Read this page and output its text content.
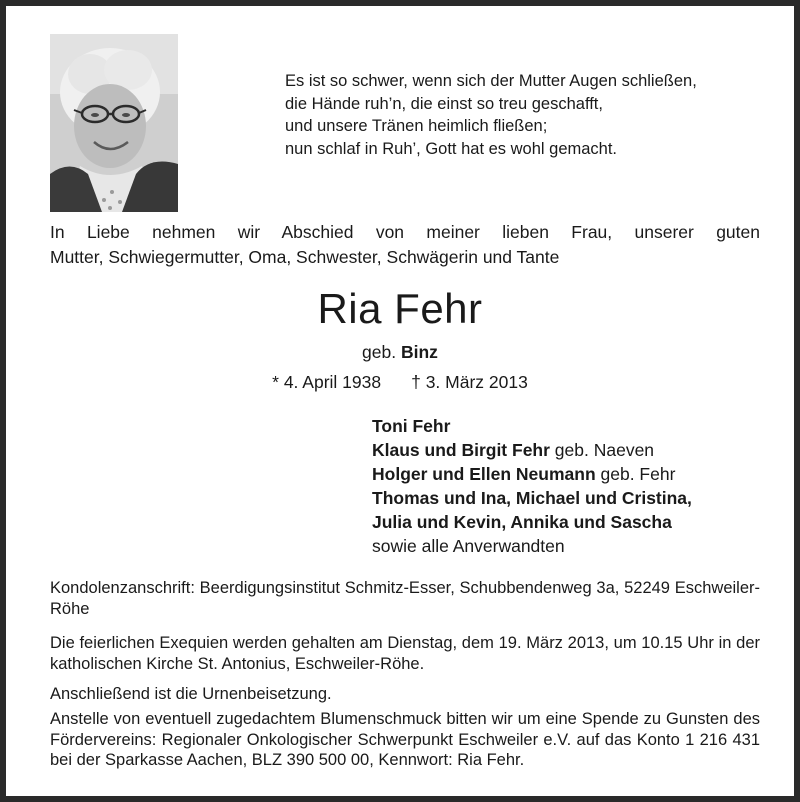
Es ist so schwer, wenn sich der Mutter Augen schließen,
die Hände ruh’n, die einst so treu geschafft,
und unsere Tränen heimlich fließen;
nun schlaf in Ruh’, Gott hat es wohl gemacht.
In Liebe nehmen wir Abschied von meiner lieben Frau, unserer guten
Mutter, Schwiegermutter, Oma, Schwester, Schwägerin und Tante
Ria Fehr
geb. Binz
* 4. April 1938 † 3. März 2013
Toni Fehr
Klaus und Birgit Fehr geb. Naeven
Holger und Ellen Neumann geb. Fehr
Thomas und Ina, Michael und Cristina,
Julia und Kevin, Annika und Sascha
sowie alle Anverwandten
Kondolenzanschrift: Beerdigungsinstitut Schmitz-Esser, Schubbendenweg 3a, 52249 Eschweiler-Röhe
Die feierlichen Exequien werden gehalten am Dienstag, dem 19. März 2013, um 10.15 Uhr in der katholischen Kirche St. Antonius, Eschweiler-Röhe.
Anschließend ist die Urnenbeisetzung.
Anstelle von eventuell zugedachtem Blumenschmuck bitten wir um eine Spende zu Gunsten des Fördervereins: Regionaler Onkologischer Schwerpunkt Eschweiler e.V. auf das Konto 1 216 431 bei der Sparkasse Aachen, BLZ 390 500 00, Kennwort: Ria Fehr.
